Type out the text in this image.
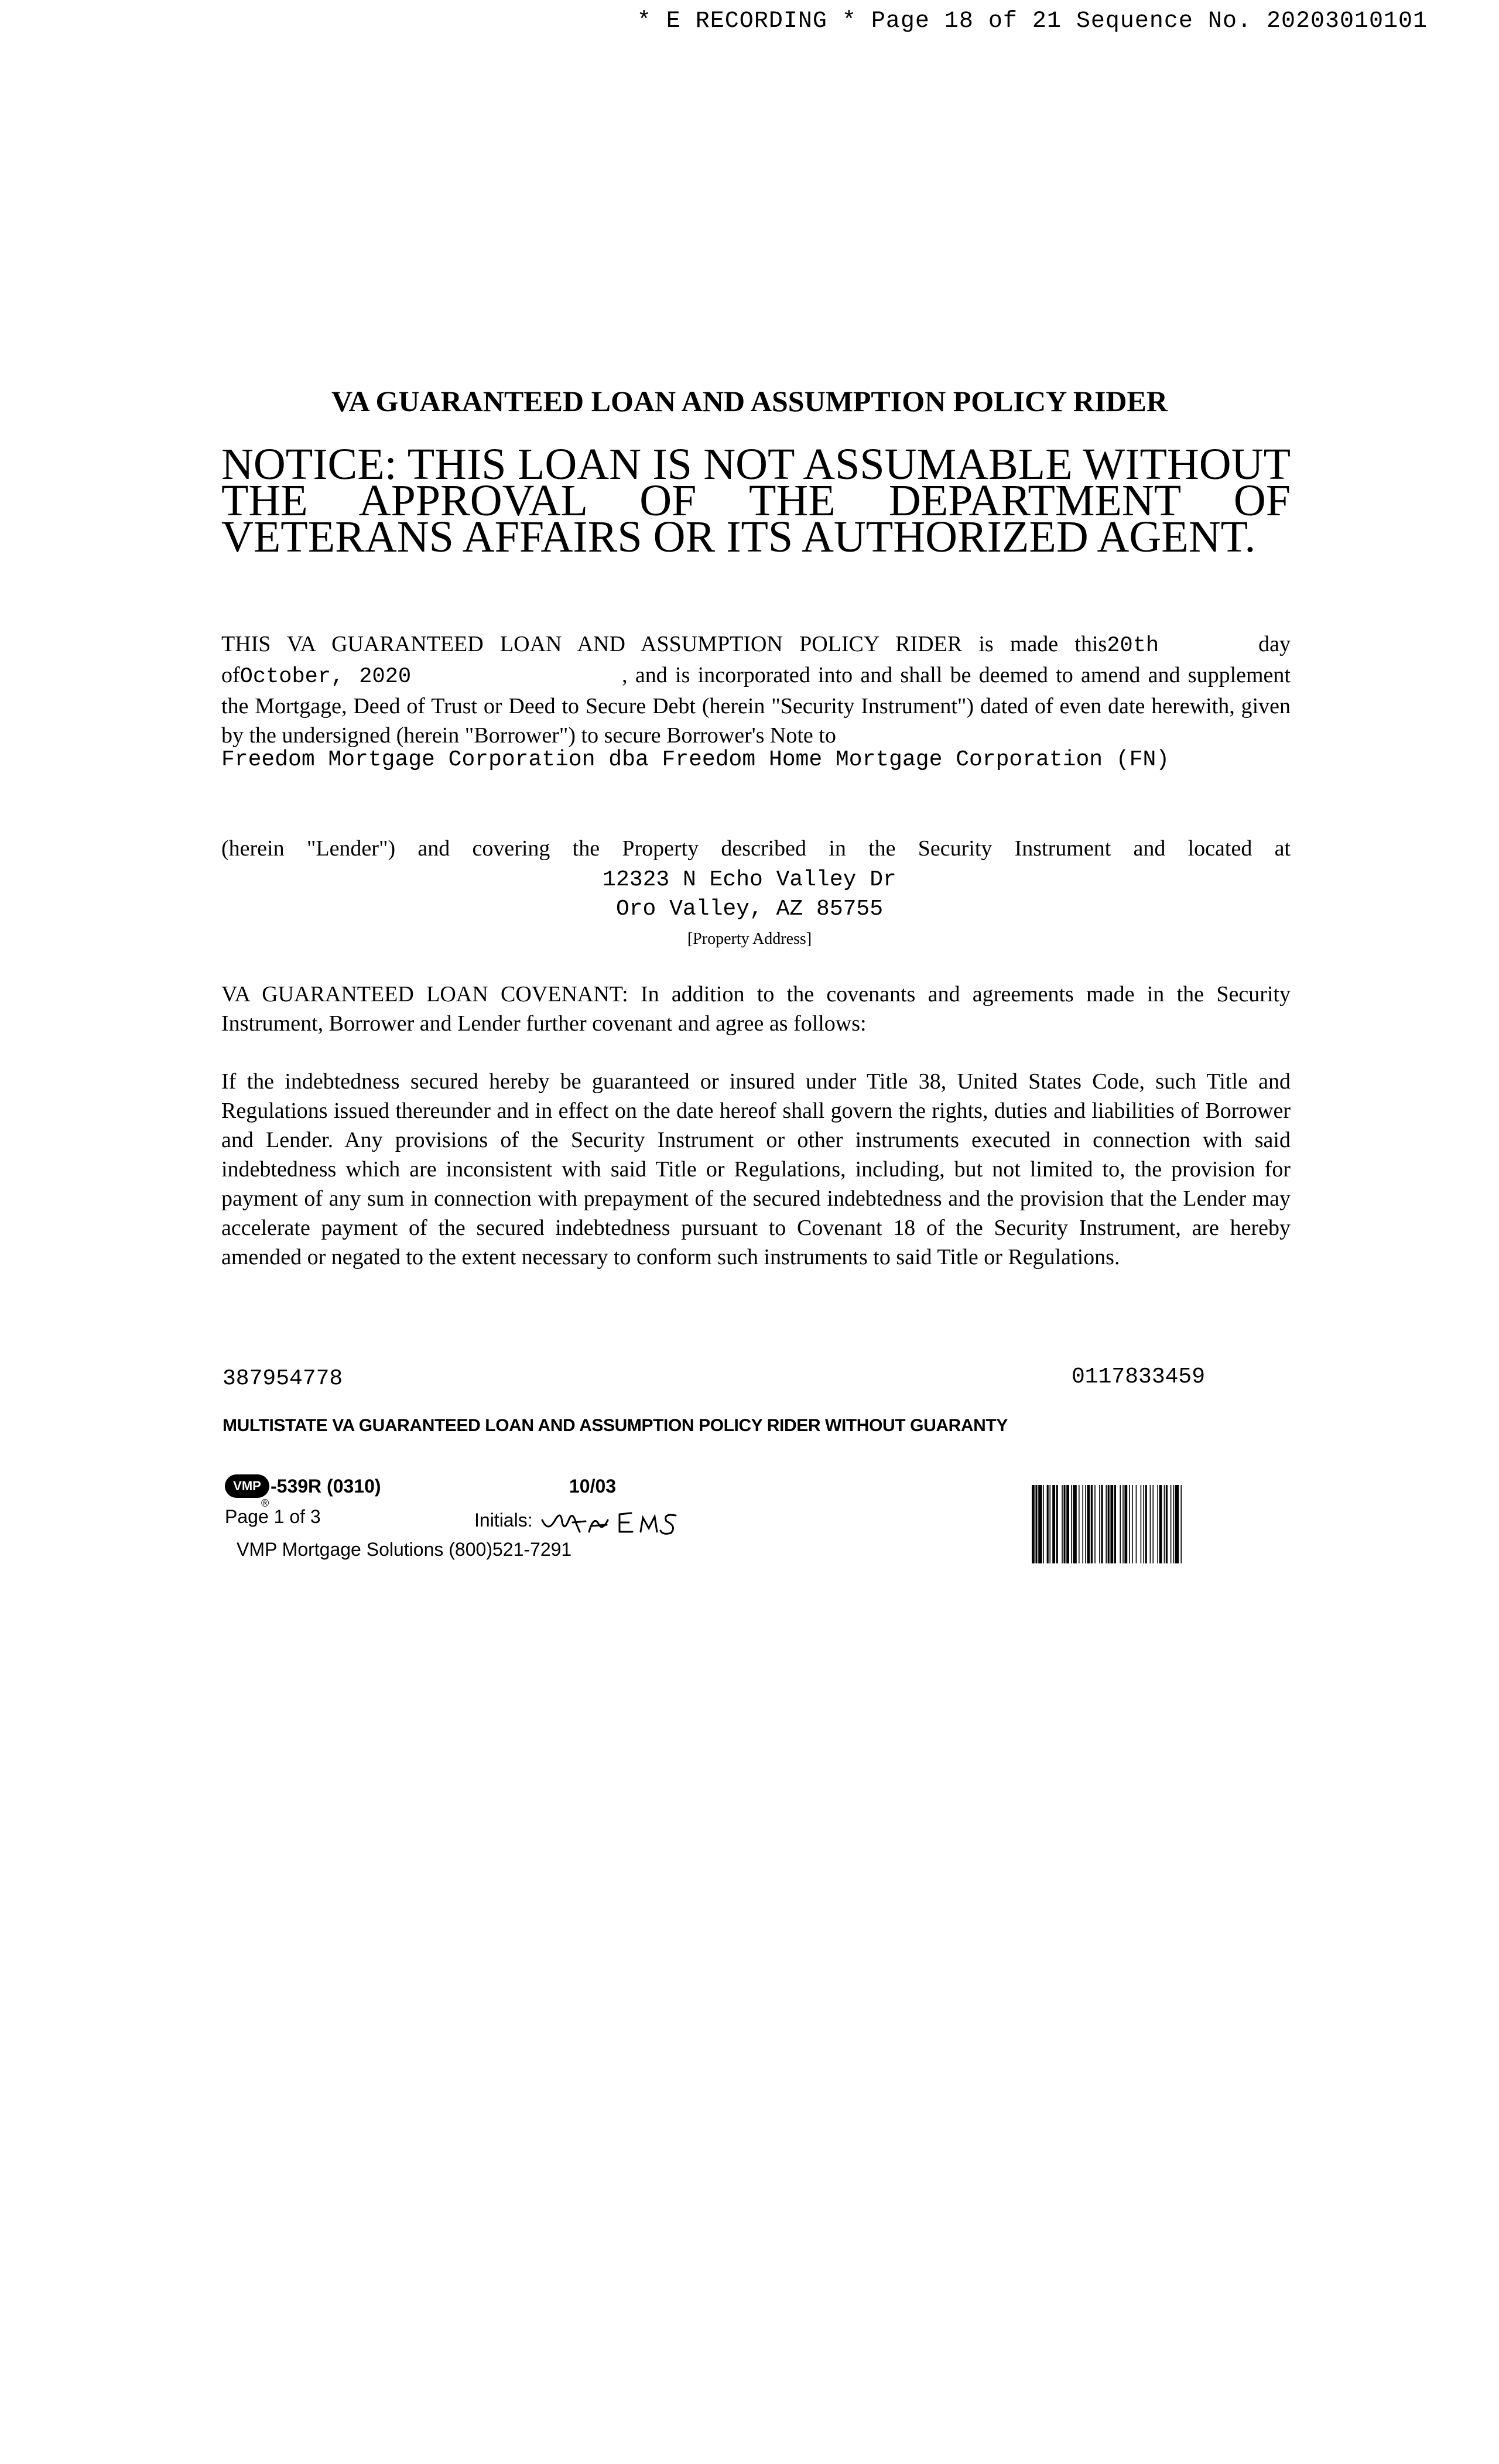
* E RECORDING * Page 18 of 21 Sequence No. 20203010101
VA GUARANTEED LOAN AND ASSUMPTION POLICY RIDER
NOTICE: THIS LOAN IS NOT ASSUMABLE WITHOUT THE APPROVAL OF THE DEPARTMENT OF VETERANS AFFAIRS OR ITS AUTHORIZED AGENT.
THIS VA GUARANTEED LOAN AND ASSUMPTION POLICY RIDER is made this20th	day ofOctober, 2020	, and is incorporated into and shall be deemed to amend and supplement the Mortgage, Deed of Trust or Deed to Secure Debt (herein "Security Instrument") dated of even date herewith, given by the undersigned (herein "Borrower") to secure Borrower's Note to
Freedom Mortgage Corporation dba Freedom Home Mortgage Corporation (FN)
(herein "Lender") and covering the Property described in the Security Instrument and located at
12323 N Echo Valley Dr
Oro Valley, AZ 85755
[Property Address]
VA GUARANTEED LOAN COVENANT: In addition to the covenants and agreements made in the Security Instrument, Borrower and Lender further covenant and agree as follows:
If the indebtedness secured hereby be guaranteed or insured under Title 38, United States Code, such Title and Regulations issued thereunder and in effect on the date hereof shall govern the rights, duties and liabilities of Borrower and Lender. Any provisions of the Security Instrument or other instruments executed in connection with said indebtedness which are inconsistent with said Title or Regulations, including, but not limited to, the provision for payment of any sum in connection with prepayment of the secured indebtedness and the provision that the Lender may accelerate payment of the secured indebtedness pursuant to Covenant 18 of the Security Instrument, are hereby amended or negated to the extent necessary to conform such instruments to said Title or Regulations.
387954778	0117833459
MULTISTATE VA GUARANTEED LOAN AND ASSUMPTION POLICY RIDER WITHOUT GUARANTY
VMP
®
-539R (0310)	10/03
Page 1 of 3	Initials:
VMP Mortgage Solutions (800)521-7291
